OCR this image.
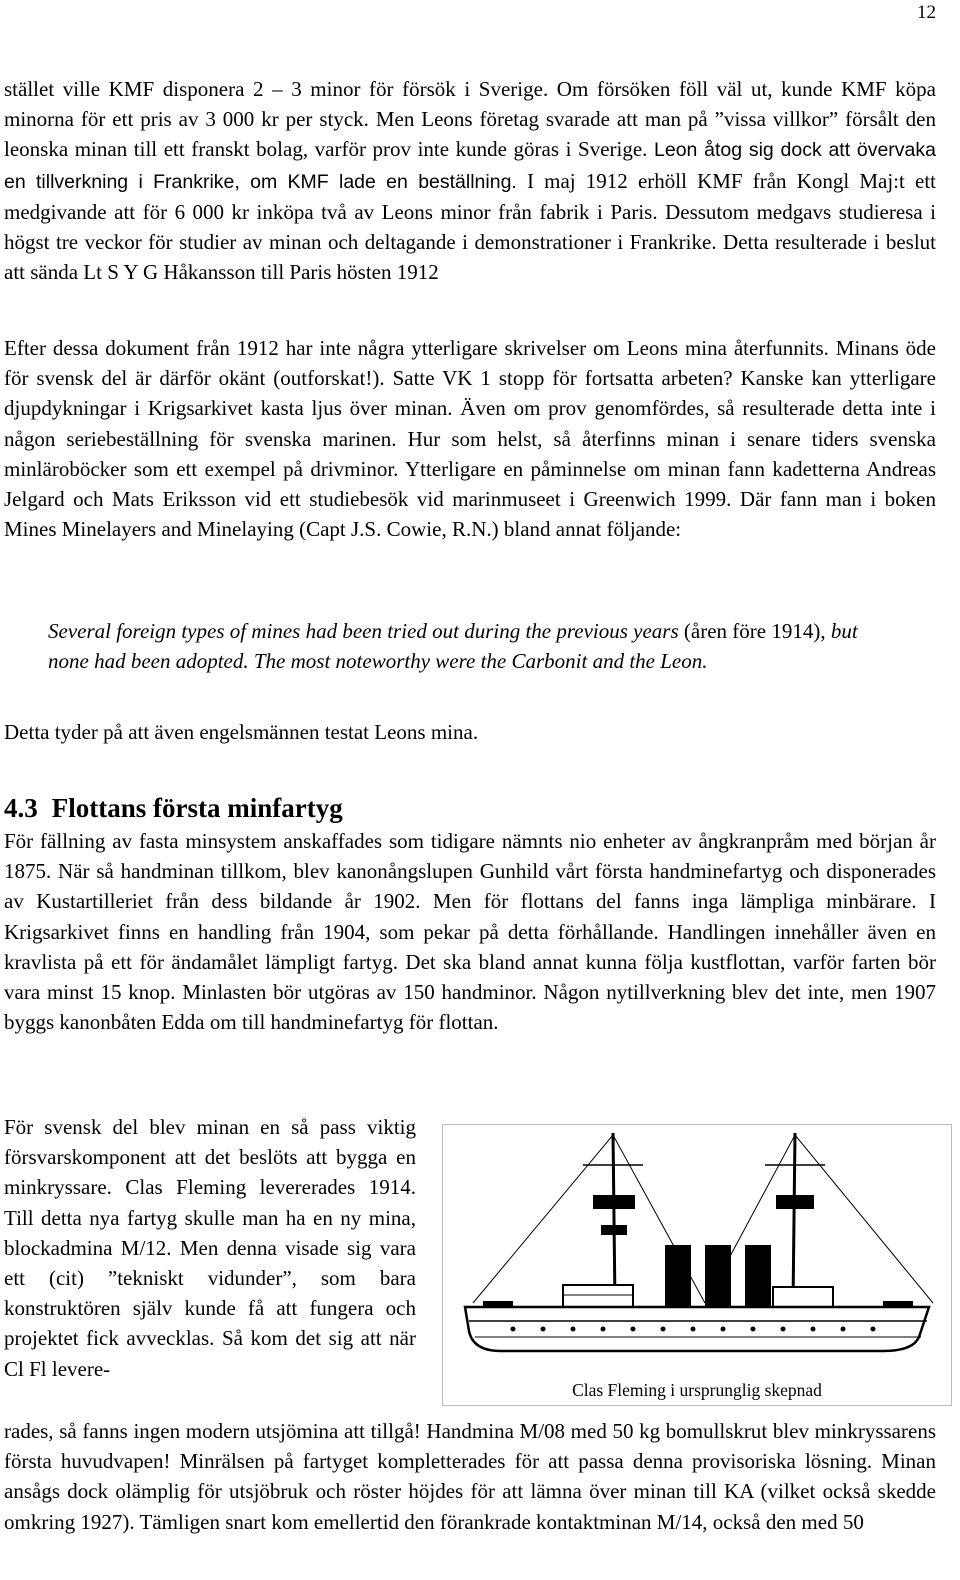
12

stället ville KMF disponera 2 – 3 minor för försök i Sverige. Om försöken föll väl ut, kunde KMF köpa minorna för ett pris av 3 000 kr per styck. Men Leons företag svarade att man på ”vissa villkor” försålt den leonska minan till ett franskt bolag, varför prov inte kunde göras i Sverige. Leon åtog sig dock att övervaka en tillverkning i Frankrike, om KMF lade en beställning. I maj 1912 erhöll KMF från Kongl Maj:t ett medgivande att för 6 000 kr inköpa två av Leons minor från fabrik i Paris. Dessutom medgavs studieresa i högst tre veckor för studier av minan och deltagande i demonstrationer i Frankrike. Detta resulterade i beslut att sända Lt S Y G Håkansson till Paris hösten 1912

Efter dessa dokument från 1912 har inte några ytterligare skrivelser om Leons mina återfunnits. Minans öde för svensk del är därför okänt (outforskat!). Satte VK 1 stopp för fortsatta arbeten? Kanske kan ytterligare djupdykningar i Krigsarkivet kasta ljus över minan. Även om prov genomfördes, så resulterade detta inte i någon seriebeställning för svenska marinen. Hur som helst, så återfinns minan i senare tiders svenska minläroböcker som ett exempel på drivminor. Ytterligare en påminnelse om minan fann kadetterna Andreas Jelgard och Mats Eriksson vid ett studiebesök vid marinmuseet i Greenwich 1999. Där fann man i boken Mines Minelayers and Minelaying (Capt J.S. Cowie, R.N.) bland annat följande:

Several foreign types of mines had been tried out during the previous years (åren före 1914), but none had been adopted. The most noteworthy were the Carbonit and the Leon.

Detta tyder på att även engelsmännen testat Leons mina.

4.3 Flottans första minfartyg

För fällning av fasta minsystem anskaffades som tidigare nämnts nio enheter av ångkranpråm med början år 1875. När så handminan tillkom, blev kanonångslupen Gunhild vårt första handminefartyg och disponerades av Kustartilleriet från dess bildande år 1902. Men för flottans del fanns inga lämpliga minbärare. I Krigsarkivet finns en handling från 1904, som pekar på detta förhållande. Handlingen innehåller även en kravlista på ett för ändamålet lämpligt fartyg. Det ska bland annat kunna följa kustflottan, varför farten bör vara minst 15 knop. Minlasten bör utgöras av 150 handminor. Någon nytillverkning blev det inte, men 1907 byggs kanonbåten Edda om till handminefartyg för flottan.

För svensk del blev minan en så pass viktig försvarskomponent att det beslöts att bygga en minkryssare. Clas Fleming levererades 1914. Till detta nya fartyg skulle man ha en ny mina, blockadmina M/12. Men denna visade sig vara ett (cit) ”tekniskt vidunder”, som bara konstruktören själv kunde få att fungera och projektet fick avvecklas. Så kom det sig att när Cl Fl levere-

Clas Fleming i ursprunglig skepnad

rades, så fanns ingen modern utsjömina att tillgå! Handmina M/08 med 50 kg bomullskrut blev minkryssarens första huvudvapen! Minrälsen på fartyget kompletterades för att passa denna provisoriska lösning. Minan ansågs dock olämplig för utsjöbruk och röster höjdes för att lämna över minan till KA (vilket också skedde omkring 1927). Tämligen snart kom emellertid den förankrade kontaktminan M/14, också den med 50
